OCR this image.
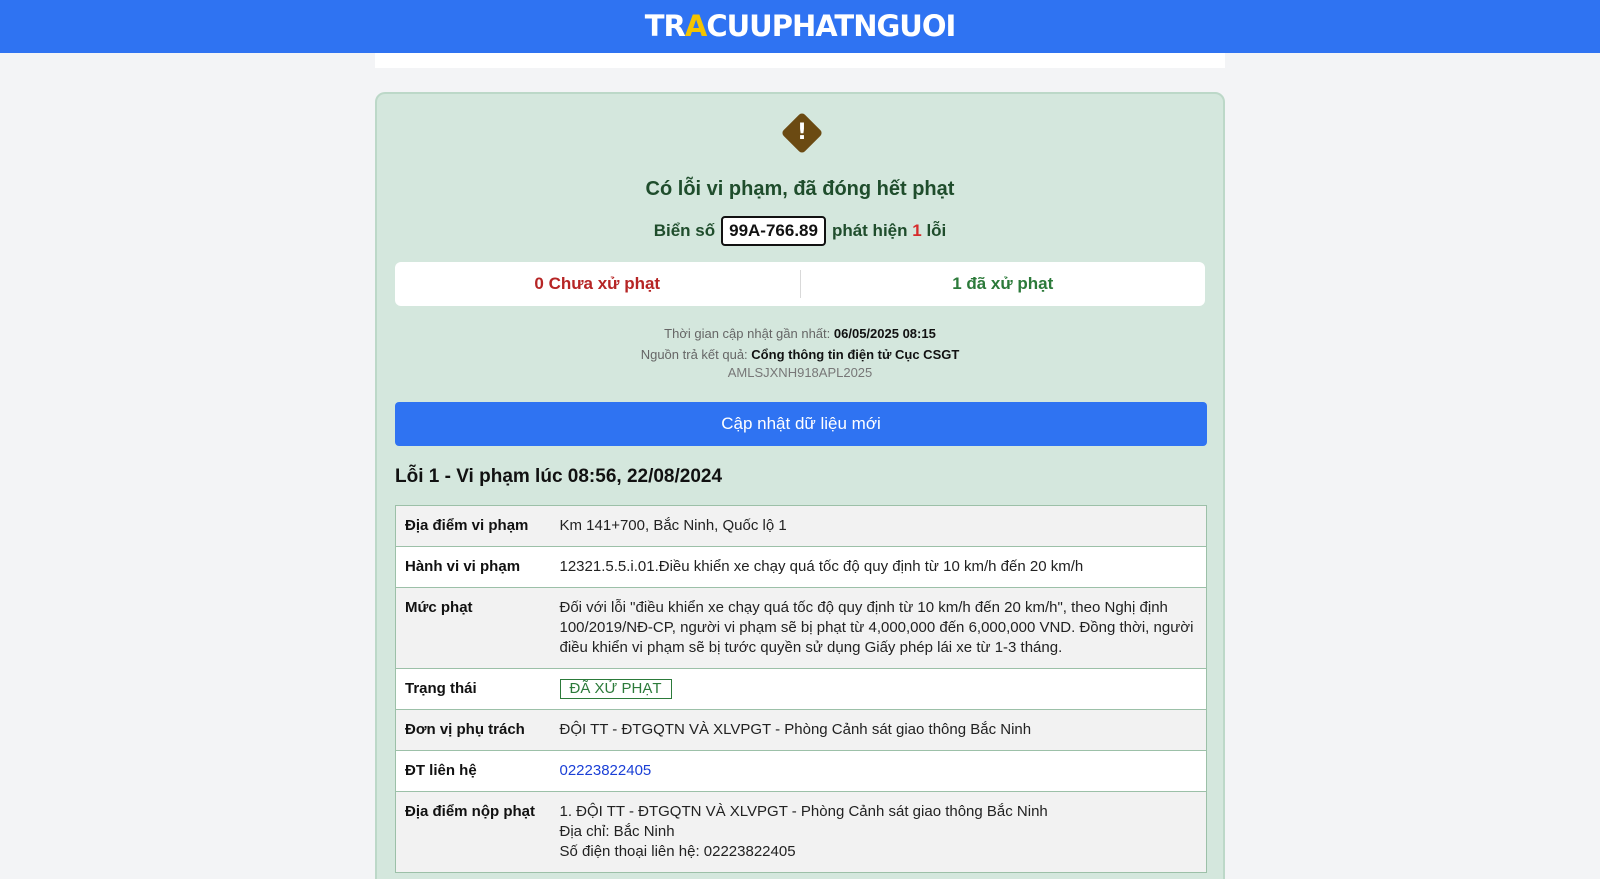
TRACUUPHATNGUOI
!
Có lỗi vi phạm, đã đóng hết phạt
Biển số 99A-766.89 phát hiện 1 lỗi
0 Chưa xử phạt	1 đã xử phạt
Thời gian cập nhật gần nhất: 06/05/2025 08:15
Nguồn trả kết quả: Cổng thông tin điện tử Cục CSGT
AMLSJXNH918APL2025
Cập nhật dữ liệu mới
Lỗi 1 - Vi phạm lúc 08:56, 22/08/2024
Địa điểm vi phạm	Km 141+700, Bắc Ninh, Quốc lộ 1
Hành vi vi phạm	12321.5.5.i.01.Điều khiển xe chạy quá tốc độ quy định từ 10 km/h đến 20 km/h
Mức phạt	Đối với lỗi "điều khiển xe chạy quá tốc độ quy định từ 10 km/h đến 20 km/h", theo Nghị định 100/2019/NĐ-CP, người vi phạm sẽ bị phạt từ 4,000,000 đến 6,000,000 VND. Đồng thời, người điều khiển vi phạm sẽ bị tước quyền sử dụng Giấy phép lái xe từ 1-3 tháng.
Trạng thái	ĐÃ XỬ PHẠT
Đơn vị phụ trách	ĐỘI TT - ĐTGQTN VÀ XLVPGT - Phòng Cảnh sát giao thông Bắc Ninh
ĐT liên hệ	02223822405
Địa điểm nộp phạt	1. ĐỘI TT - ĐTGQTN VÀ XLVPGT - Phòng Cảnh sát giao thông Bắc Ninh
Địa chỉ: Bắc Ninh
Số điện thoại liên hệ: 02223822405
